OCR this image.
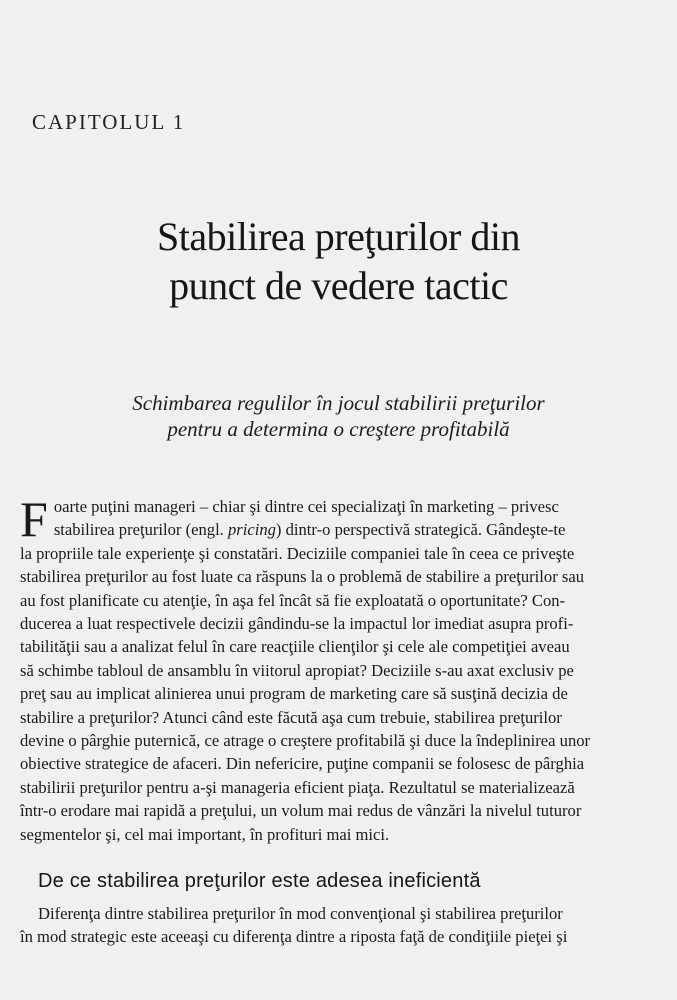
CAPITOLUL 1
Stabilirea preţurilor din
punct de vedere tactic
Schimbarea regulilor în jocul stabilirii preţurilor
pentru a determina o creştere profitabilă
F oarte puţini manageri – chiar şi dintre cei specializaţi în marketing – privesc
stabilirea preţurilor (engl. pricing) dintr-o perspectivă strategică. Gândeşte-te
la propriile tale experienţe şi constatări. Deciziile companiei tale în ceea ce priveşte
stabilirea preţurilor au fost luate ca răspuns la o problemă de stabilire a preţurilor sau
au fost planificate cu atenţie, în aşa fel încât să fie exploatată o oportunitate? Con-
ducerea a luat respectivele decizii gândindu-se la impactul lor imediat asupra profi-
tabilităţii sau a analizat felul în care reacţiile clienţilor şi cele ale competiţiei aveau
să schimbe tabloul de ansamblu în viitorul apropiat? Deciziile s-au axat exclusiv pe
preţ sau au implicat alinierea unui program de marketing care să susţină decizia de
stabilire a preţurilor? Atunci când este făcută aşa cum trebuie, stabilirea preţurilor
devine o pârghie puternică, ce atrage o creştere profitabilă şi duce la îndeplinirea unor
obiective strategice de afaceri. Din nefericire, puţine companii se folosesc de pârghia
stabilirii preţurilor pentru a-şi manageria eficient piaţa. Rezultatul se materializează
într-o erodare mai rapidă a preţului, un volum mai redus de vânzări la nivelul tuturor
segmentelor şi, cel mai important, în profituri mai mici.
De ce stabilirea preţurilor este adesea ineficientă
Diferenţa dintre stabilirea preţurilor în mod convenţional şi stabilirea preţurilor
în mod strategic este aceeaşi cu diferenţa dintre a riposta faţă de condiţiile pieţei şi
